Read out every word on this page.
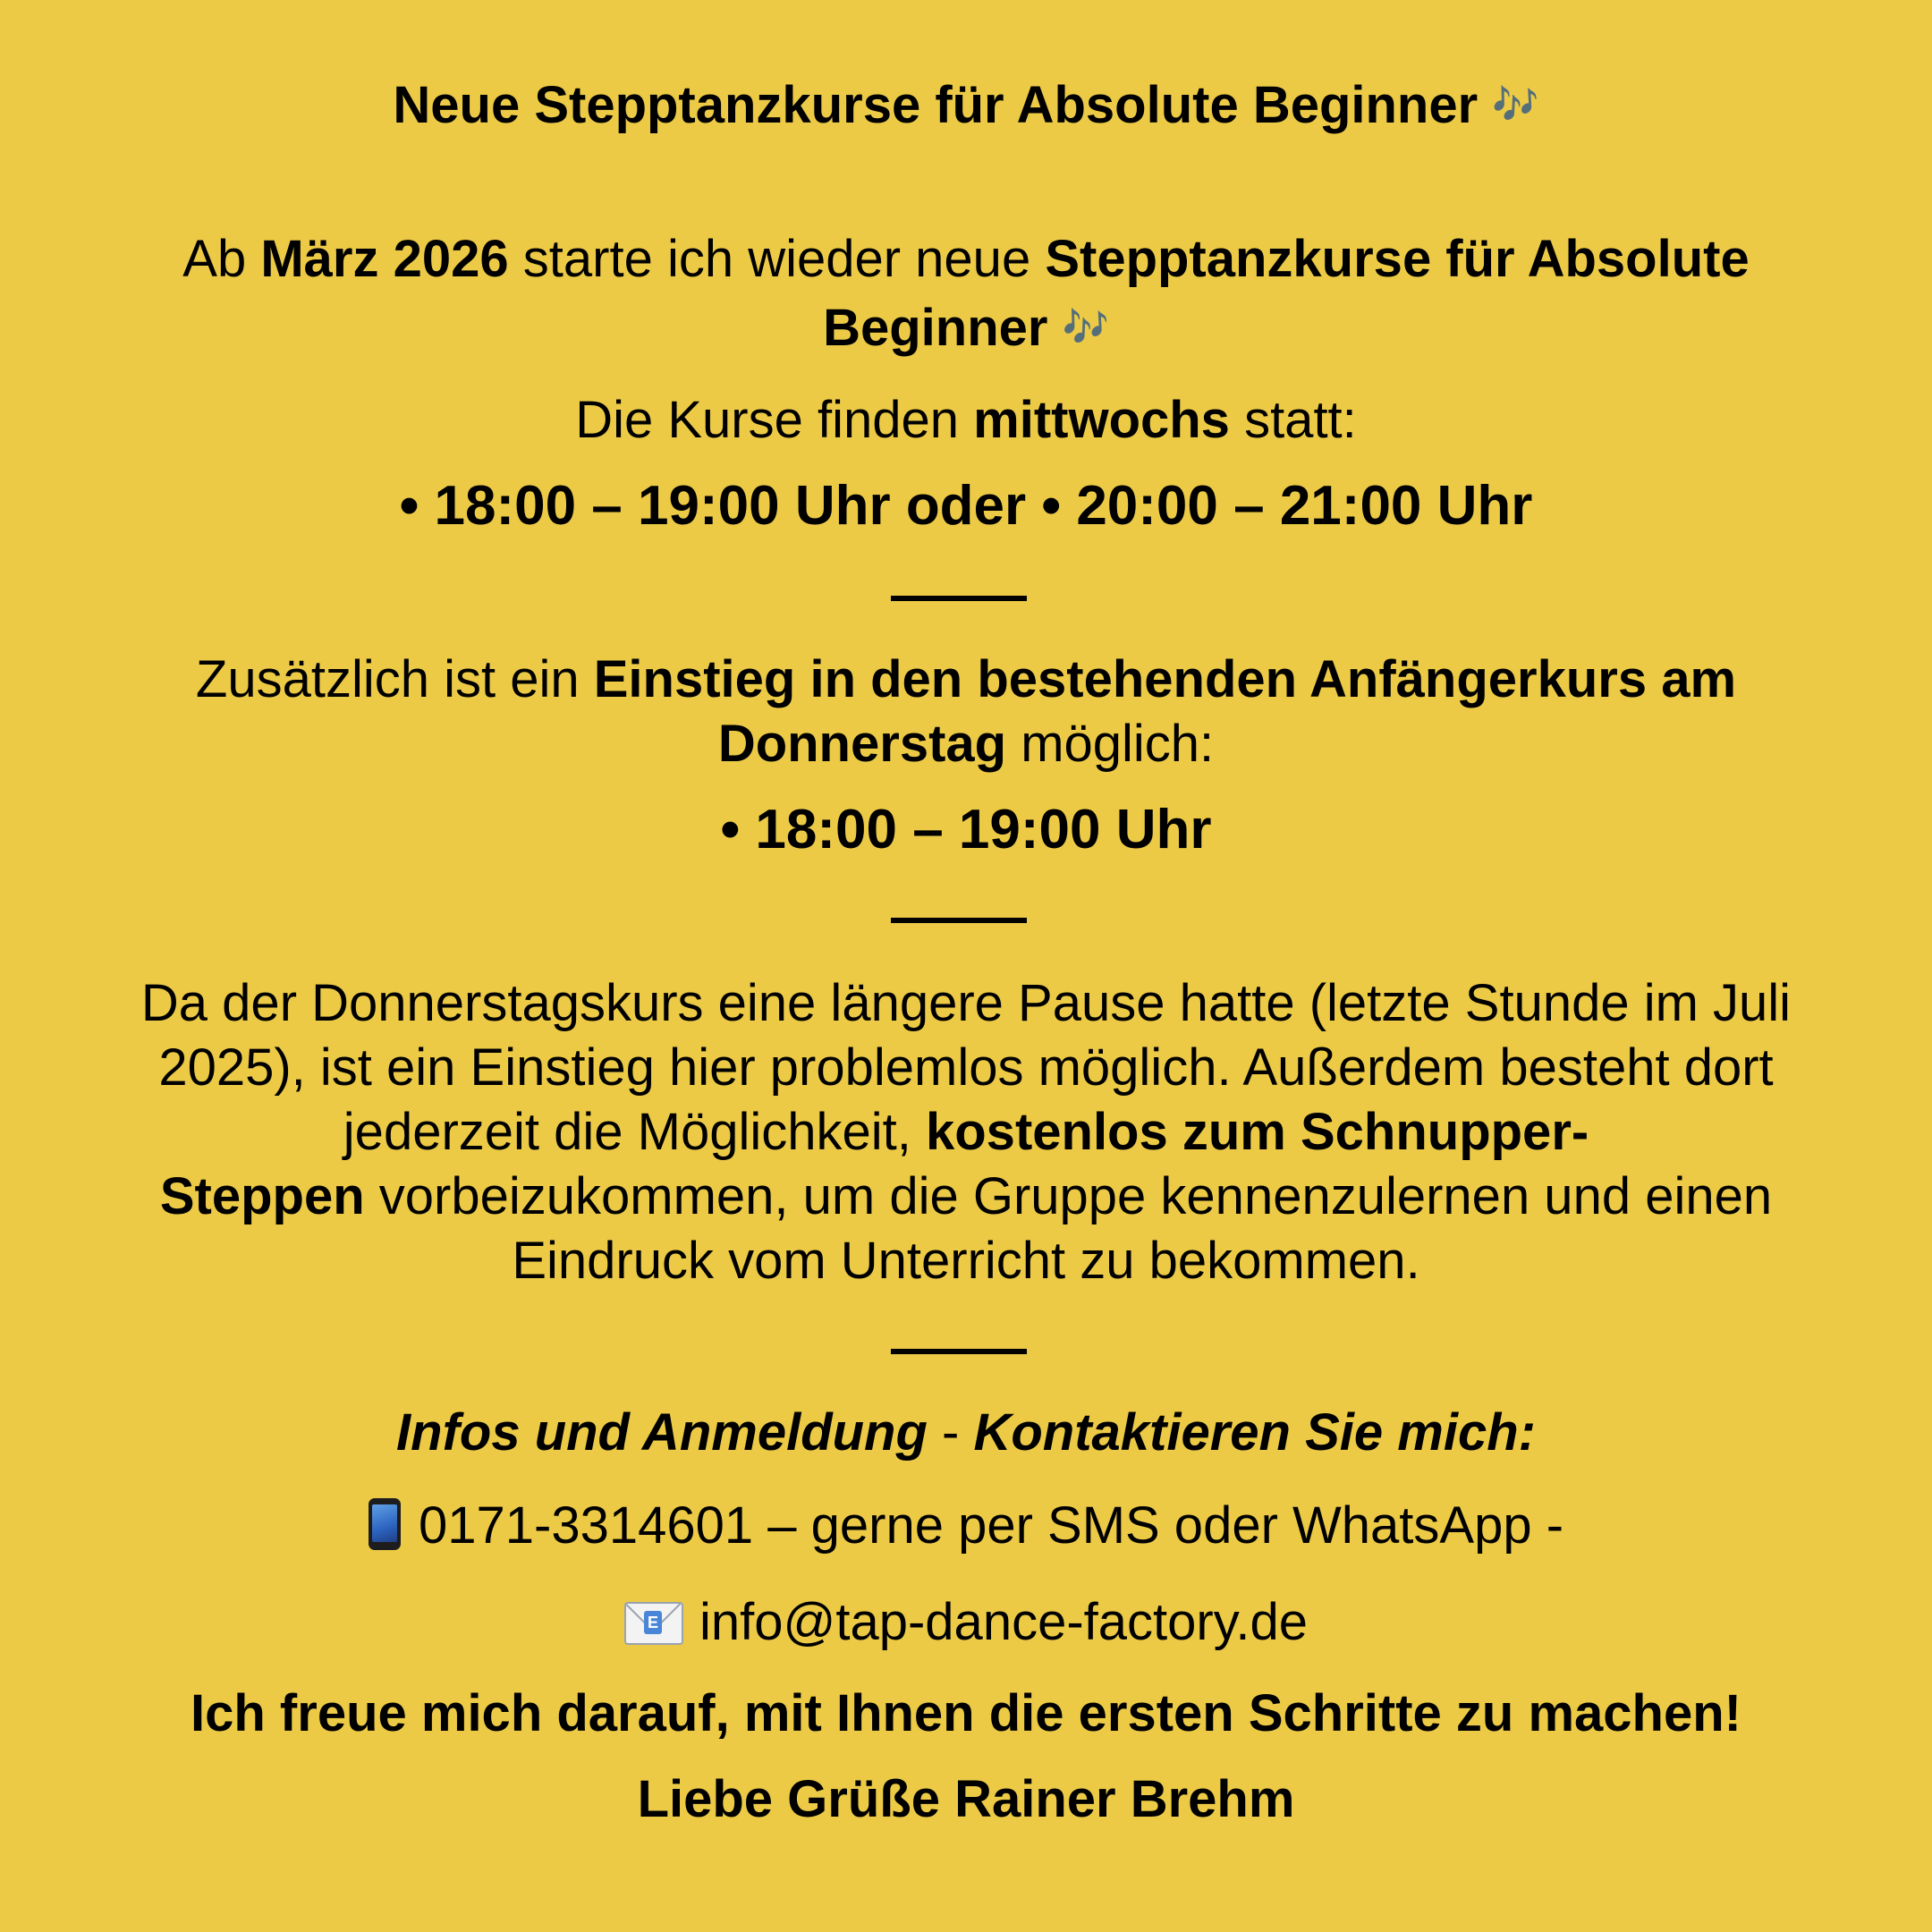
Neue Stepptanzkurse für Absolute Beginner 🎶
Ab März 2026 starte ich wieder neue Stepptanzkurse für Absolute
Beginner 🎶
Die Kurse finden mittwochs statt:
• 18:00 – 19:00 Uhr oder • 20:00 – 21:00 Uhr
Zusätzlich ist ein Einstieg in den bestehenden Anfängerkurs am
Donnerstag möglich:
• 18:00 – 19:00 Uhr
Da der Donnerstagskurs eine längere Pause hatte (letzte Stunde im Juli
2025), ist ein Einstieg hier problemlos möglich. Außerdem besteht dort
jederzeit die Möglichkeit, kostenlos zum Schnupper-
Steppen vorbeizukommen, um die Gruppe kennenzulernen und einen
Eindruck vom Unterricht zu bekommen.
Infos und Anmeldung - Kontaktieren Sie mich:
0171-3314601 – gerne per SMS oder WhatsApp -
Einfo@tap-dance-factory.de
Ich freue mich darauf, mit Ihnen die ersten Schritte zu machen!
Liebe Grüße Rainer Brehm
